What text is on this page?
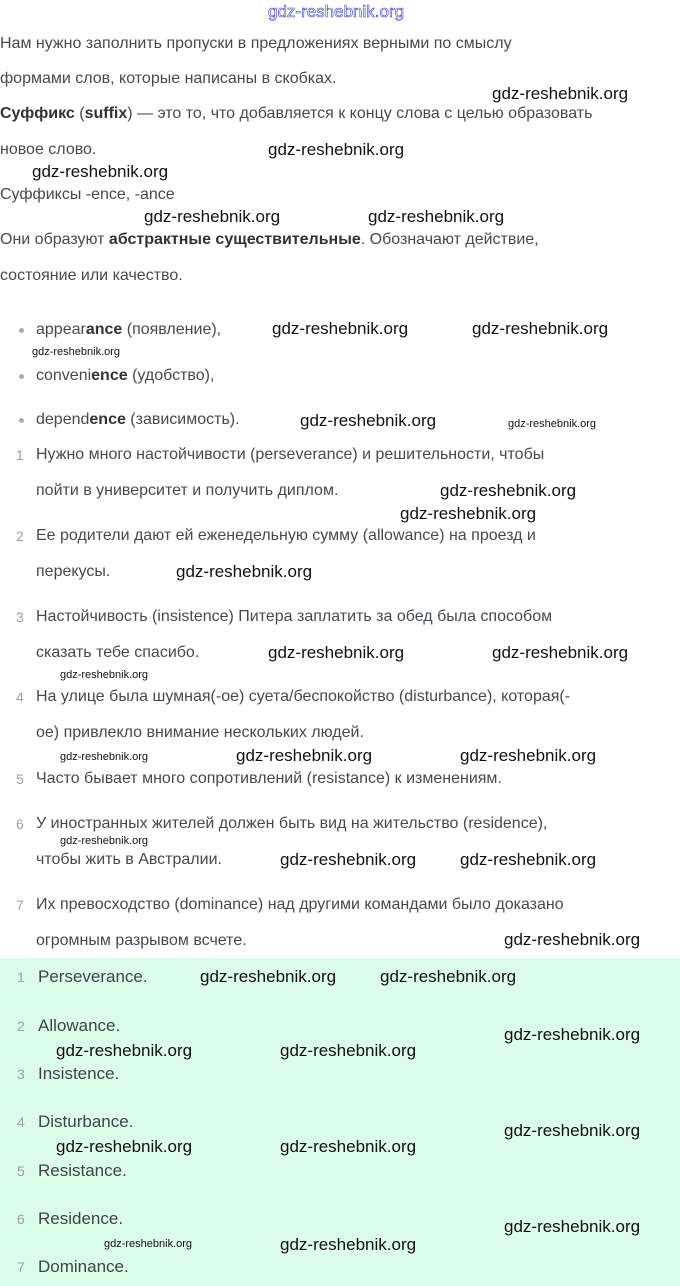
gdz-reshebnik.org
Нам нужно заполнить пропуски в предложениях верными по смыслу
формами слов, которые написаны в скобках.
Суффикс (suffix) — это то, что добавляется к концу слова с целью образовать
новое слово.
Суффиксы -ence, -ance
Они образуют абстрактные существительные. Обозначают действие,
состояние или качество.
appearance (появление),
convenience (удобство),
dependence (зависимость).
1 Нужно много настойчивости (perseverance) и решительности, чтобы
пойти в университет и получить диплом.
2 Ее родители дают ей еженедельную сумму (allowance) на проезд и
перекусы.
3 Настойчивость (insistence) Питера заплатить за обед была способом
сказать тебе спасибо.
4 На улице была шумная(-ое) суета/беспокойство (disturbance), которая(-
ое) привлекло внимание нескольких людей.
5 Часто бывает много сопротивлений (resistance) к изменениям.
6 У иностранных жителей должен быть вид на жительство (residence),
чтобы жить в Австралии.
7 Их превосходство (dominance) над другими командами было доказано
огромным разрывом всчете.
1 Perseverance.
2 Allowance.
3 Insistence.
4 Disturbance.
5 Resistance.
6 Residence.
7 Dominance.
gdz-reshebnik.org
gdz-reshebnik.org
gdz-reshebnik.org
gdz-reshebnik.org	gdz-reshebnik.org
gdz-reshebnik.org	gdz-reshebnik.org
gdz-reshebnik.org
gdz-reshebnik.org	gdz-reshebnik.org
gdz-reshebnik.org
gdz-reshebnik.org
gdz-reshebnik.org
gdz-reshebnik.org
gdz-reshebnik.org
gdz-reshebnik.org
gdz-reshebnik.org	gdz-reshebnik.org
gdz-reshebnik.org
gdz-reshebnik.org
gdz-reshebnik.org	gdz-reshebnik.org
gdz-reshebnik.org
gdz-reshebnik.org	gdz-reshebnik.org
gdz-reshebnik.org
gdz-reshebnik.org	gdz-reshebnik.org
gdz-reshebnik.org
gdz-reshebnik.org	gdz-reshebnik.org
gdz-reshebnik.org
gdz-reshebnik.org	gdz-reshebnik.org
